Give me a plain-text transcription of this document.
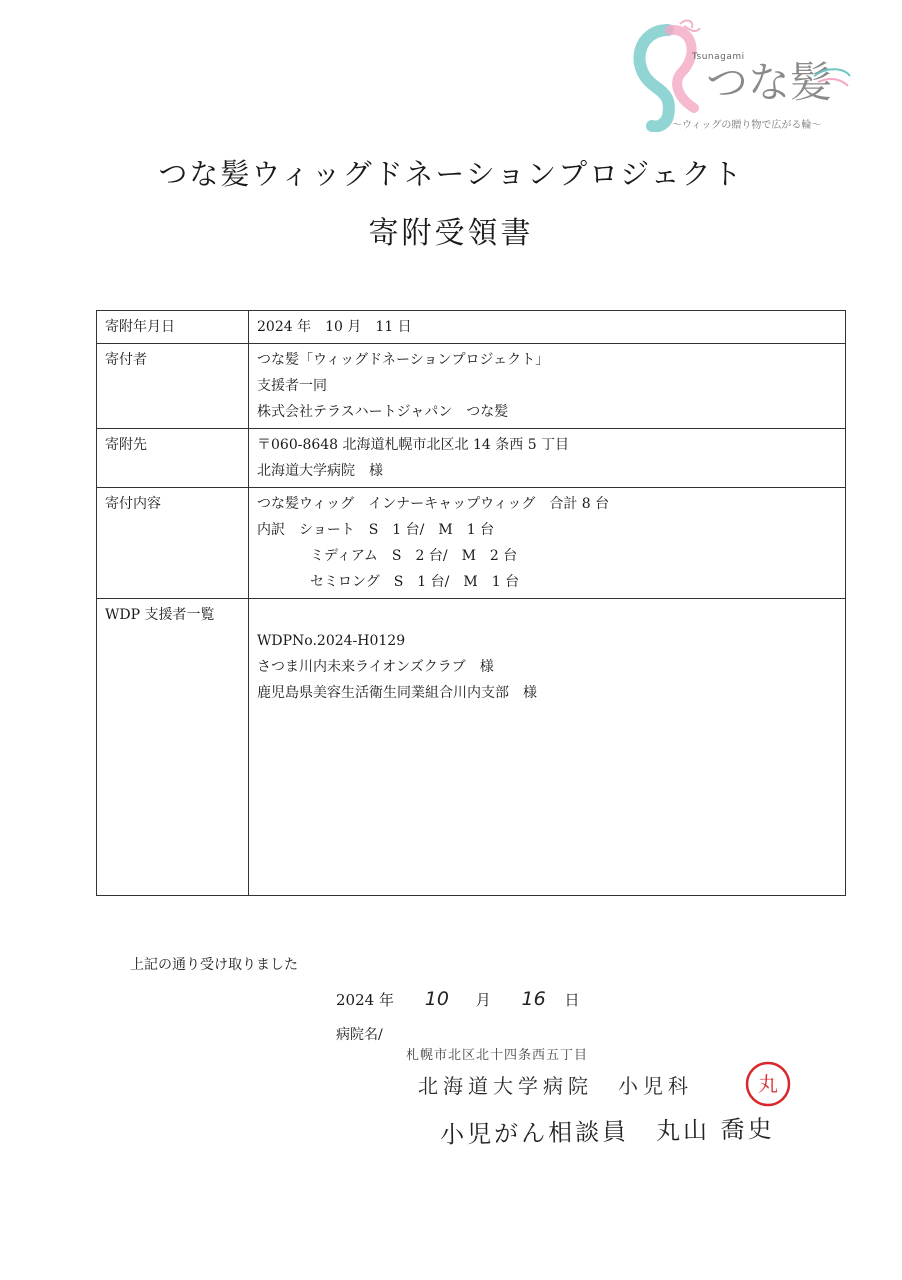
Tsunagami
つな髪
〜ウィッグの贈り物で広がる輪〜
つな髪ウィッグドネーションプロジェクト
寄附受領書
寄附年月日	2024 年　10 月　11 日
寄付者	つな髪「ウィッグドネーションプロジェクト」
支援者一同
株式会社テラスハートジャパン　つな髪

寄附先	〒060-8648 北海道札幌市北区北 14 条西 5 丁目
北海道大学病院　様

寄付内容	つな髪ウィッグ　インナーキャップウィッグ　合計 8 台
内訳　ショート　S　1 台/　M　1 台
ミディアム　S　2 台/　M　2 台
セミロング　S　1 台/　M　1 台

WDP 支援者一覧	WDPNo.2024-H0129
さつま川内未来ライオンズクラブ　様
鹿児島県美容生活衛生同業組合川内支部　様
上記の通り受け取りました
2024 年 10 月 16 日
病院名/
札幌市北区北十四条西五丁目
北海道大学病院　小児科
小児がん相談員　丸山 喬史
丸
